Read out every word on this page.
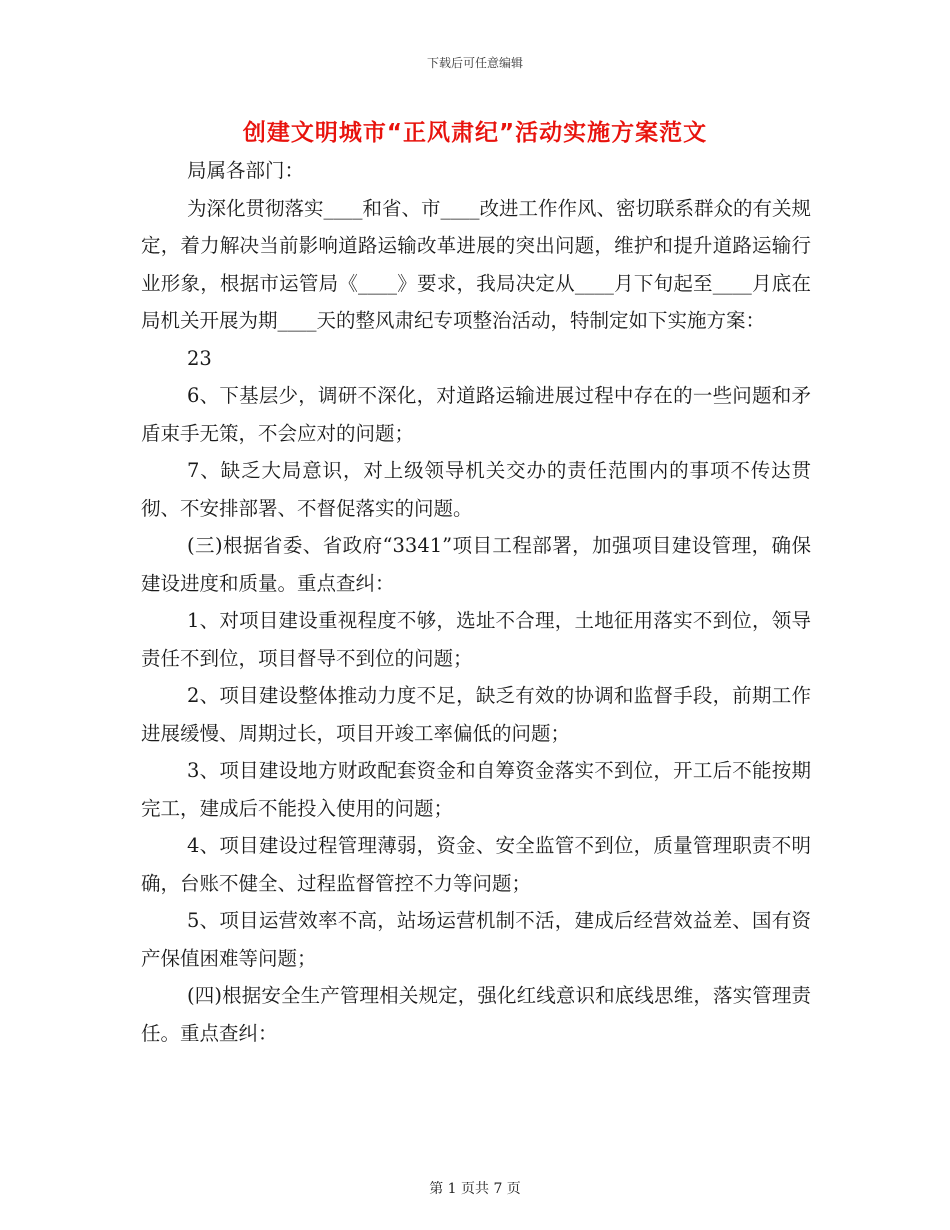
下载后可任意编辑
创建文明城市“正风肃纪”活动实施方案范文

局属各部门：

为深化贯彻落实____和省、市____改进工作作风、密切联系群众的有关规定，着力解决当前影响道路运输改革进展的突出问题，维护和提升道路运输行业形象，根据市运管局《____》要求，我局决定从____月下旬起至____月底在局机关开展为期____天的整风肃纪专项整治活动，特制定如下实施方案：

23

6、下基层少，调研不深化，对道路运输进展过程中存在的一些问题和矛盾束手无策，不会应对的问题；

7、缺乏大局意识，对上级领导机关交办的责任范围内的事项不传达贯彻、不安排部署、不督促落实的问题。

(三)根据省委、省政府“3341”项目工程部署，加强项目建设管理，确保建设进度和质量。重点查纠：

1、对项目建设重视程度不够，选址不合理，土地征用落实不到位，领导责任不到位，项目督导不到位的问题；

2、项目建设整体推动力度不足，缺乏有效的协调和监督手段，前期工作进展缓慢、周期过长，项目开竣工率偏低的问题；

3、项目建设地方财政配套资金和自筹资金落实不到位，开工后不能按期完工，建成后不能投入使用的问题；

4、项目建设过程管理薄弱，资金、安全监管不到位，质量管理职责不明确，台账不健全、过程监督管控不力等问题；

5、项目运营效率不高，站场运营机制不活，建成后经营效益差、国有资产保值困难等问题；

(四)根据安全生产管理相关规定，强化红线意识和底线思维，落实管理责任。重点查纠：

第 1 页共 7 页
